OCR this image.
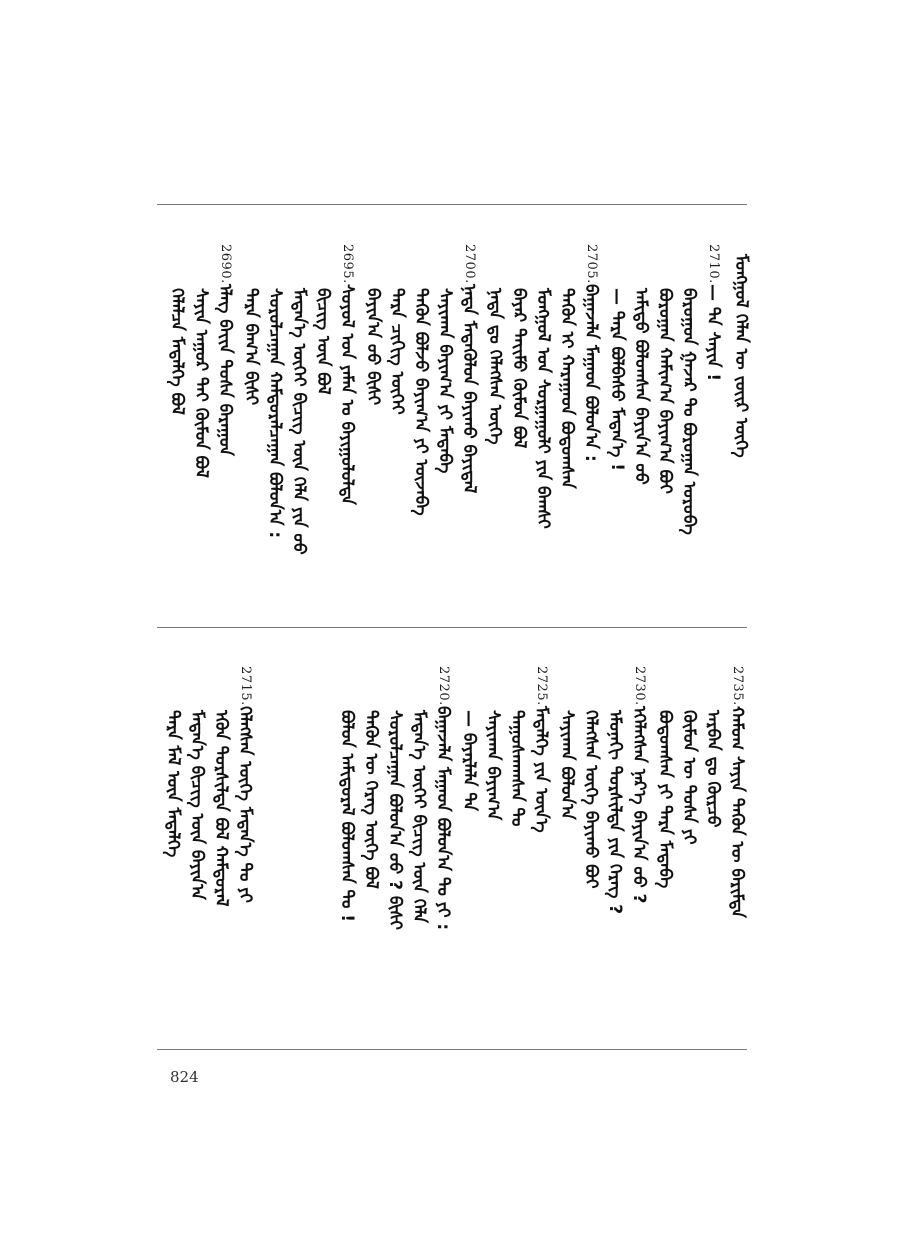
ᠮᠣᠩᠭᠣᠯ ᠬᠡᠯᠡᠨ ᠦ ᠵᠦᠢᠷ ᠦᠭᠡ
2710.
— ᠲᠡ ᠰᠠᠶᠢᠨ !
ᠪᠠᠷᠤᠭᠤᠨ ᠭᠠᠵᠠᠷ ᠲᠤ ᠪᠣᠷᠣᠭᠠᠨ ᠣᠷᠣᠪᠠ
ᠪᠣᠷᠣᠭᠠᠨ ᠬᠠᠮᠢᠭ᠎ᠠ ᠪᠠᠶᠢᠭ᠎ᠠ ᠪᠤᠢ
ᠠᠮᠢᠳᠤ ᠪᠣᠯᠤᠭᠰᠠᠨ ᠪᠠᠶᠢᠨ᠎ᠠ ᠤᠤ
— ᠲᠡᠷᠡ ᠪᠣᠯᠪᠠᠰᠤ ᠮᠡᠳᠡᠨ᠎ᠡ !
2705.
ᠪᠠᠭᠠᠵᠠᠯᠠ ᠮᠠᠭᠠᠳ ᠪᠣᠯᠤᠨ᠎ᠠ :
ᠲᠡᠭᠦᠨ ᠢ ᠬᠠᠷᠠᠭᠠᠳ ᠪᠣᠳᠤᠭᠰᠠᠨ
ᠮᠣᠩᠭᠣᠯ ᠤᠨ ᠰᠤᠷᠭᠠᠭᠤᠯᠢ ᠶᠢᠨ ᠪᠠᠭᠰᠢ
ᠪᠠᠶᠠᠷ ᠲᠠᠶ᠋ᠢᠮᠤ ᠬᠦᠮᠦᠨ ᠪᠣᠯ
ᠨᠠᠳᠠ ᠳᠤ ᠬᠡᠯᠡᠭᠰᠡᠨ ᠦᠭᠡ
2700.
ᠨᠠᠳᠠ ᠮᠡᠳᠡᠭᠦᠯᠦᠨ ᠪᠠᠶᠢᠬᠤ ᠪᠠᠶᠢᠳᠠᠯ
ᠰᠠᠶᠢᠬᠠᠨ ᠪᠠᠶᠢᠭ᠎ᠠ ᠶᠢ ᠮᠡᠳᠡᠪᠡ
ᠲᠡᠭᠦᠨ ᠪᠣᠯᠵᠤ ᠪᠠᠶᠢᠭ᠎ᠠ ᠶᠢ ᠦᠵᠡᠪᠡ
ᠲᠡᠷᠡ ᠴᠢᠭᠢᠭ ᠦᠭᠡᠢ
ᠪᠠᠶᠢᠨ᠎ᠠ ᠤᠤ ᠪᠢᠰᠢ
2695.
ᠰᠣᠶᠣᠯ ᠤᠨ ᠶᠠᠮᠠᠨ ᠤ ᠪᠠᠶᠢᠭᠤᠯᠤᠯᠲᠠ
ᠪᠢᠴᠢᠭ ᠦᠨ ᠪᠣᠯ
ᠮᠡᠳᠡᠨ᠎ᠡ ᠦᠭᠡᠢ ᠪᠢᠴᠢᠭ ᠦᠨ ᠬᠡᠯᠡ ᠶᠢᠨ ᠤᠤ
ᠰᠤᠷᠤᠯᠴᠠᠭᠠᠨ ᠬᠠᠮᠲᠤᠷᠠᠯᠴᠠᠭᠠᠨ ᠪᠣᠯᠤᠨ᠎ᠠ :
ᠲᠡᠷᠡ ᠪᠠᠭ᠎ᠠ ᠪᠢᠰᠢ
2690.
ᠡᠯᠡᠭ ᠪᠠᠶ᠋ᠢᠨ ᠲᠤᠰᠠ ᠪᠠᠷᠠᠭᠤᠨ
ᠰᠠᠶᠢᠨ ᠠᠭᠤᠷ ᠲᠠᠢ ᠬᠦᠮᠦᠨ ᠪᠣᠯ
ᠬᠡᠯᠡᠯᠴᠡ ᠮᠡᠳᠡᠯᠭᠡ ᠪᠣᠯ
2735.
ᠬᠠᠮᠤᠭ ᠰᠠᠶᠢᠨ ᠲᠡᠭᠦᠨ ᠦ ᠪᠠᠷᠢᠮᠲᠠ
ᠠᠷᠪᠠᠨ ᠳᠤ ᠬᠦᠷᠴᠦ
ᠬᠦᠮᠦᠨ ᠦ ᠲᠤᠰᠠ ᠶᠢ
ᠪᠣᠳᠤᠭᠰᠠᠨ ᠶᠢ ᠲᠡᠷᠡ ᠮᠡᠳᠡᠪᠡ
2730.
ᠡᠬᠡᠯᠡᠭᠰᠡᠨ ᠨᠡᠷ᠎ᠡ ᠪᠠᠶᠢᠨ᠎ᠠ ᠤᠤ ?
ᠡᠮᠦᠨᠡᠬᠢ ᠲᠤᠷᠰᠢᠯᠲᠠ ᠶᠢᠨ ᠬᠡᠷᠡᠭ ?
ᠬᠡᠯᠡᠭᠰᠡᠨ ᠦᠭᠡ ᠪᠠᠶᠢᠬᠤ ᠪᠤᠢ
ᠰᠠᠶᠢᠬᠠᠨ ᠪᠣᠯᠤᠨ᠎ᠠ
2725.
ᠮᠡᠳᠡᠯᠭᠡ ᠶᠢᠨ ᠦᠨ᠎ᠡ
ᠳᠠᠭᠤᠰᠬᠠᠭᠰᠠᠨ ᠲᠤ
ᠰᠠᠶᠢᠬᠠᠨ ᠪᠠᠶᠢᠭ᠎ᠠ
— ᠪᠠᠶᠠᠷᠯᠠᠯᠠ ᠲᠠ
2720.
ᠪᠠᠭᠠᠵᠠᠯᠠ ᠮᠠᠭᠠᠳ ᠪᠣᠯᠤᠨ᠎ᠠ ᠲᠤ ᠶᠢ :
ᠮᠡᠳᠡᠨ᠎ᠡ ᠦᠭᠡᠢ ᠪᠢᠴᠢᠭ ᠦᠨ ᠬᠡᠯᠡ
ᠰᠤᠷᠤᠯᠴᠠᠭᠠᠨ ᠪᠣᠯᠤᠨ᠎ᠠ ᠤᠤ ? ᠪᠢᠰᠢ
ᠲᠡᠭᠦᠨ ᠦ ᠬᠡᠷᠡᠭ ᠦᠭᠡ ᠪᠣᠯ
ᠪᠣᠯᠤᠨ ᠠᠮᠢᠳᠤᠷᠠᠯ ᠪᠣᠯᠤᠭᠰᠠᠨ ᠲᠤ !
2715.
ᠬᠡᠯᠡᠭᠰᠡᠨ ᠦᠭᠡ ᠮᠡᠳᠡᠨ᠎ᠡ ᠲᠤ ᠶᠢ
ᠡᠭᠦᠨ ᠲᠤᠷᠰᠢᠯᠲᠠ ᠪᠣᠯ ᠬᠠᠮᠲᠤᠷᠠᠯ
ᠮᠡᠳᠡᠨ᠎ᠡ ᠪᠢᠴᠢᠭ ᠦᠨ ᠪᠠᠶᠢᠨ᠎ᠠ
ᠲᠡᠷᠡ ᠮᠠᠯ ᠦᠨ ᠮᠡᠳᠡᠯᠭᠡ
824
